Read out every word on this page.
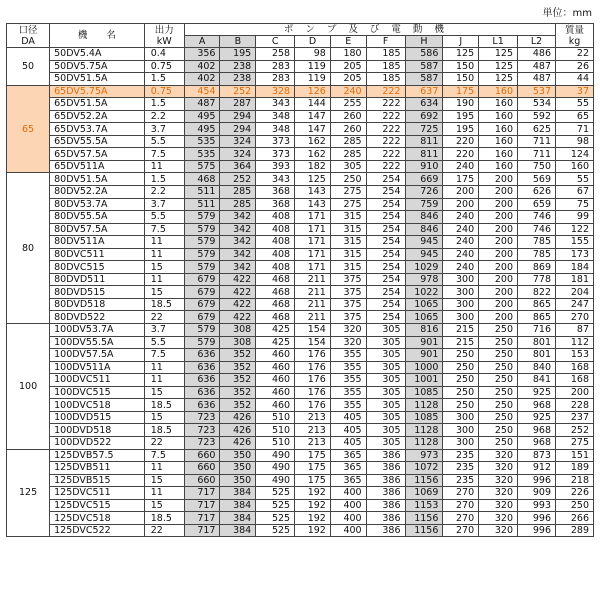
単位：mm
口径
DA	機　　名	出力
kW	ポンプ及び電動機										質量
kg
			A	B	C	D	E	F	H	J	L1	L2	
50	50DV5.4A	0.4	356	195	258	98	180	185	586	125	125	486	22
	50DV5.75A	0.75	402	238	283	119	205	185	587	150	125	487	26
	50DV51.5A	1.5	402	238	283	119	205	185	587	150	125	487	44
65	65DV5.75A	0.75	454	252	328	126	240	222	637	175	160	537	37
	65DV51.5A	1.5	487	287	343	144	255	222	634	190	160	534	55
	65DV52.2A	2.2	495	294	348	147	260	222	692	195	160	592	65
	65DV53.7A	3.7	495	294	348	147	260	222	725	195	160	625	71
	65DV55.5A	5.5	535	324	373	162	285	222	811	220	160	711	98
	65DV57.5A	7.5	535	324	373	162	285	222	811	220	160	711	124
	65DV511A	11	575	364	393	182	305	222	910	240	160	750	160
80	80DV51.5A	1.5	468	252	343	125	250	254	669	175	200	569	55
	80DV52.2A	2.2	511	285	368	143	275	254	726	200	200	626	67
	80DV53.7A	3.7	511	285	368	143	275	254	759	200	200	659	75
	80DV55.5A	5.5	579	342	408	171	315	254	846	240	200	746	99
	80DV57.5A	7.5	579	342	408	171	315	254	846	240	200	746	122
	80DV511A	11	579	342	408	171	315	254	945	240	200	785	155
	80DVC511	11	579	342	408	171	315	254	945	240	200	785	173
	80DVC515	15	579	342	408	171	315	254	1029	240	200	869	184
	80DVD511	11	679	422	468	211	375	254	978	300	200	778	181
	80DVD515	15	679	422	468	211	375	254	1022	300	200	822	204
	80DVD518	18.5	679	422	468	211	375	254	1065	300	200	865	247
	80DVD522	22	679	422	468	211	375	254	1065	300	200	865	270
100	100DV53.7A	3.7	579	308	425	154	320	305	816	215	250	716	87
	100DV55.5A	5.5	579	308	425	154	320	305	901	215	250	801	112
	100DV57.5A	7.5	636	352	460	176	355	305	901	250	250	801	153
	100DV511A	11	636	352	460	176	355	305	1000	250	250	840	168
	100DVC511	11	636	352	460	176	355	305	1001	250	250	841	168
	100DVC515	15	636	352	460	176	355	305	1085	250	250	925	200
	100DVC518	18.5	636	352	460	176	355	305	1128	250	250	968	228
	100DVD515	15	723	426	510	213	405	305	1085	300	250	925	237
	100DVD518	18.5	723	426	510	213	405	305	1128	300	250	968	252
	100DVD522	22	723	426	510	213	405	305	1128	300	250	968	275
125	125DVB57.5	7.5	660	350	490	175	365	386	973	235	320	873	151
	125DVB511	11	660	350	490	175	365	386	1072	235	320	912	189
	125DVB515	15	660	350	490	175	365	386	1156	235	320	996	218
	125DVC511	11	717	384	525	192	400	386	1069	270	320	909	226
	125DVC515	15	717	384	525	192	400	386	1153	270	320	993	250
	125DVC518	18.5	717	384	525	192	400	386	1156	270	320	996	266
	125DVC522	22	717	384	525	192	400	386	1156	270	320	996	289
